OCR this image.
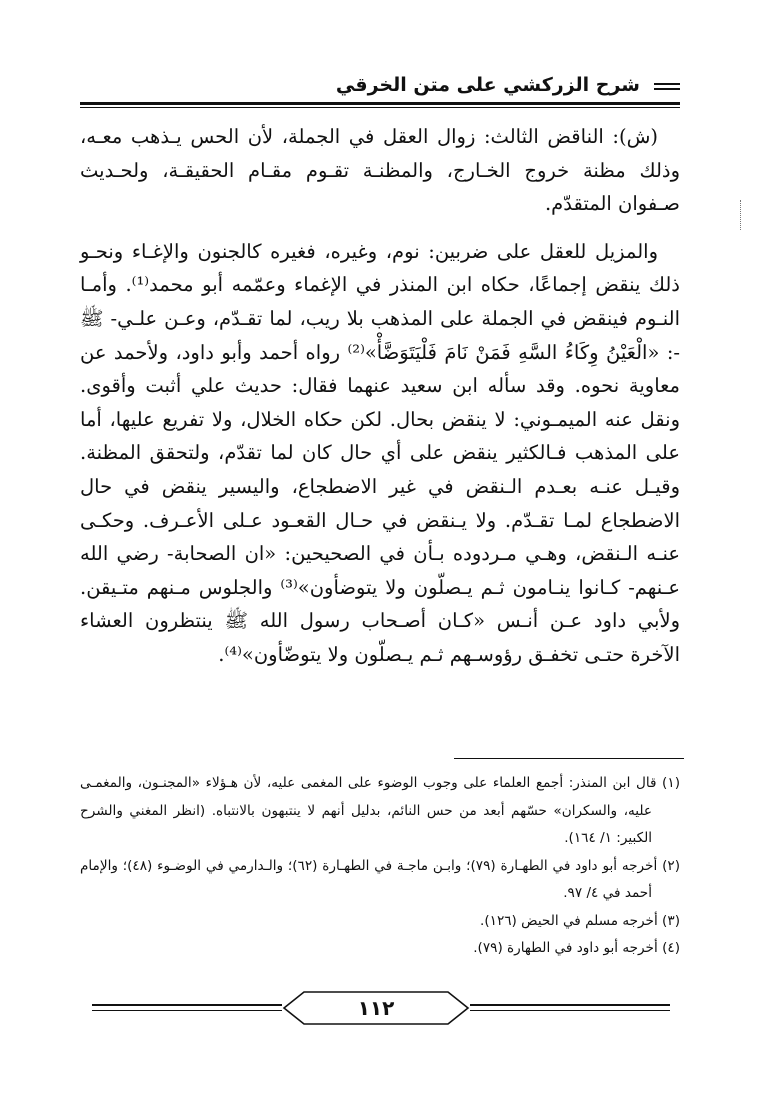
شرح الزركشي على متن الخرقي

(ش): الناقض الثالث: زوال العقل في الجملة، لأن الحس يـذهب معـه، وذلك مظنة خروج الخـارج، والمظنـة تقـوم مقـام الحقيقـة، ولحـديث صـفوان المتقدّم.

والمزيل للعقل على ضربين: نوم، وغيره، فغيره كالجنون والإغـاء ونحـو ذلك ينقض إجماعًا، حكاه ابن المنذر في الإغماء وعمّمه أبو محمد⁽¹⁾. وأمـا النـوم فينقض في الجملة على المذهب بلا ريب، لما تقـدّم، وعـن علـي- ﷺ -: «الْعَيْنُ وِكَاءُ السَّهِ فَمَنْ نَامَ فَلْيَتَوَضَّأْ»⁽²⁾ رواه أحمد وأبو داود، ولأحمد عن معاوية نحوه. وقد سأله ابن سعيد عنهما فقال: حديث علي أثبت وأقوى. ونقل عنه الميمـوني: لا ينقض بحال. لكن حكاه الخلال، ولا تفريع عليها، أما على المذهب فـالكثير ينقض على أي حال كان لما تقدّم، ولتحقق المظنة. وقيـل عنـه بعـدم الـنقض في غير الاضطجاع، واليسير ينقض في حال الاضطجاع لمـا تقـدّم. ولا يـنقض في حـال القعـود عـلى الأعـرف. وحكـى عنـه الـنقض، وهـي مـردوده بـأن في الصحيحين: «ان الصحابة- رضي الله عـنهم- كـانوا ينـامون ثـم يـصلّون ولا يتوضأون»⁽³⁾ والجلوس مـنهم متـيقن. ولأبي داود عـن أنـس «كـان أصـحاب رسول الله ﷺ ينتظرون العشاء الآخرة حتـى تخفـق رؤوسـهم ثـم يـصلّون ولا يتوضّأون»⁽⁴⁾.

(١) قال ابن المنذر: أجمع العلماء على وجوب الوضوء على المغمى عليه، لأن هـؤلاء «المجنـون، والمغمـى عليه، والسكران» حسّهم أبعد من حس النائم، بدليل أنهم لا ينتبهون بالانتباه. (انظر المغني والشرح الكبير: ١/ ١٦٤).

(٢) أخرجه أبو داود في الطهـارة (٧٩)؛ وابـن ماجـة في الطهـارة (٦٢)؛ والـدارمي في الوضـوء (٤٨)؛ والإمام أحمد في ٤/ ٩٧.

(٣) أخرجه مسلم في الحيض (١٢٦).

(٤) أخرجه أبو داود في الطهارة (٧٩).

١١٢
